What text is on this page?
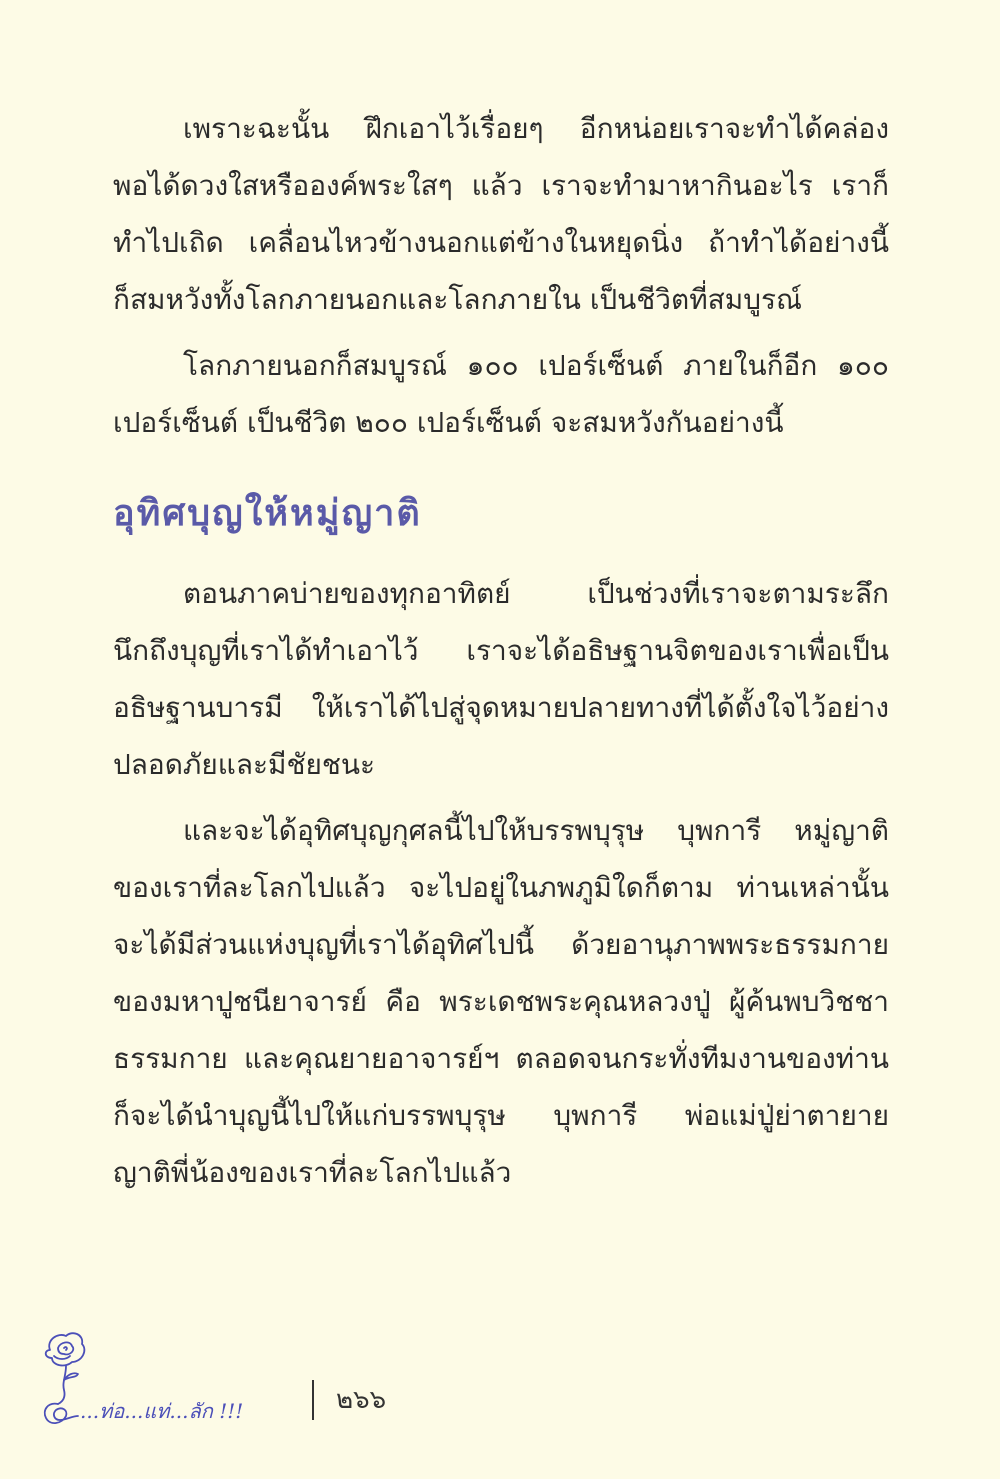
เพราะฉะนั้น ฝึกเอาไว้เรื่อยๆ อีกหน่อยเราจะทำได้คล่อง
พอได้ดวงใสหรือองค์พระใสๆ แล้ว เราจะทำมาหากินอะไร เราก็
ทำไปเถิด เคลื่อนไหวข้างนอกแต่ข้างในหยุดนิ่ง ถ้าทำได้อย่างนี้
ก็สมหวังทั้งโลกภายนอกและโลกภายใน เป็นชีวิตที่สมบูรณ์

โลกภายนอกก็สมบูรณ์ ๑๐๐ เปอร์เซ็นต์ ภายในก็อีก ๑๐๐
เปอร์เซ็นต์ เป็นชีวิต ๒๐๐ เปอร์เซ็นต์ จะสมหวังกันอย่างนี้

อุทิศบุญให้หมู่ญาติ

ตอนภาคบ่ายของทุกอาทิตย์ เป็นช่วงที่เราจะตามระลึก
นึกถึงบุญที่เราได้ทำเอาไว้ เราจะได้อธิษฐานจิตของเราเพื่อเป็น
อธิษฐานบารมี ให้เราได้ไปสู่จุดหมายปลายทางที่ได้ตั้งใจไว้อย่าง
ปลอดภัยและมีชัยชนะ

และจะได้อุทิศบุญกุศลนี้ไปให้บรรพบุรุษ บุพการี หมู่ญาติ
ของเราที่ละโลกไปแล้ว จะไปอยู่ในภพภูมิใดก็ตาม ท่านเหล่านั้น
จะได้มีส่วนแห่งบุญที่เราได้อุทิศไปนี้ ด้วยอานุภาพพระธรรมกาย
ของมหาปูชนียาจารย์ คือ พระเดชพระคุณหลวงปู่ ผู้ค้นพบวิชชา
ธรรมกาย และคุณยายอาจารย์ฯ ตลอดจนกระทั่งทีมงานของท่าน
ก็จะได้นำบุญนี้ไปให้แก่บรรพบุรุษ บุพการี พ่อแม่ปู่ย่าตายาย
ญาติพี่น้องของเราที่ละโลกไปแล้ว

...ท่อ...แท่...ลัก !!!	๒๖๖
